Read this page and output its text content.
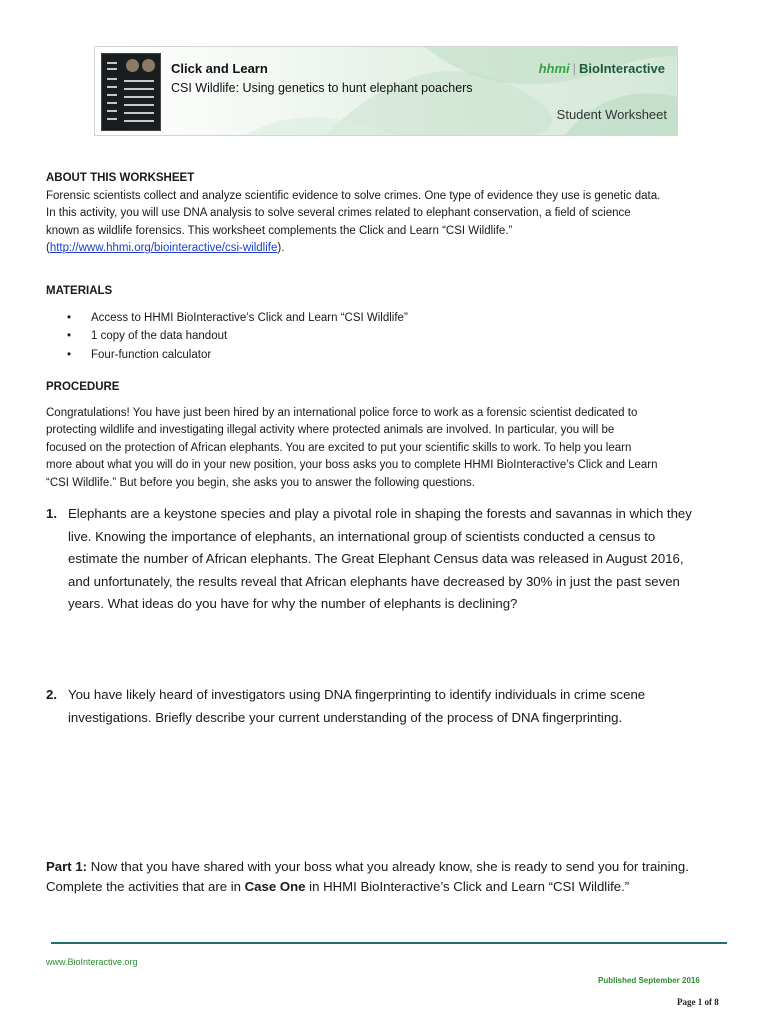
Click and Learn
CSI Wildlife: Using genetics to hunt elephant poachers
hhmi | BioInteractive
Student Worksheet
ABOUT THIS WORKSHEET

Forensic scientists collect and analyze scientific evidence to solve crimes. One type of evidence they use is genetic data.

In this activity, you will use DNA analysis to solve several crimes related to elephant conservation, a field of science

known as wildlife forensics. This worksheet complements the Click and Learn “CSI Wildlife.”

(http://www.hhmi.org/biointeractive/csi-wildlife).

MATERIALS
• Access to HHMI BioInteractive’s Click and Learn “CSI Wildlife”
• 1 copy of the data handout
• Four-function calculator
PROCEDURE

Congratulations! You have just been hired by an international police force to work as a forensic scientist dedicated to

protecting wildlife and investigating illegal activity where protected animals are involved. In particular, you will be

focused on the protection of African elephants. You are excited to put your scientific skills to work. To help you learn

more about what you will do in your new position, your boss asks you to complete HHMI BioInteractive’s Click and Learn

“CSI Wildlife.” But before you begin, she asks you to answer the following questions.

1. Elephants are a keystone species and play a pivotal role in shaping the forests and savannas in which they

live. Knowing the importance of elephants, an international group of scientists conducted a census to

estimate the number of African elephants. The Great Elephant Census data was released in August 2016,

and unfortunately, the results reveal that African elephants have decreased by 30% in just the past seven

years. What ideas do you have for why the number of elephants is declining?

2. You have likely heard of investigators using DNA fingerprinting to identify individuals in crime scene

investigations. Briefly describe your current understanding of the process of DNA fingerprinting.

Part 1: Now that you have shared with your boss what you already know, she is ready to send you for training.

Complete the activities that are in Case One in HHMI BioInteractive’s Click and Learn “CSI Wildlife.”

www.BioInteractive.org
Published September 2016
Page 1 of 8
